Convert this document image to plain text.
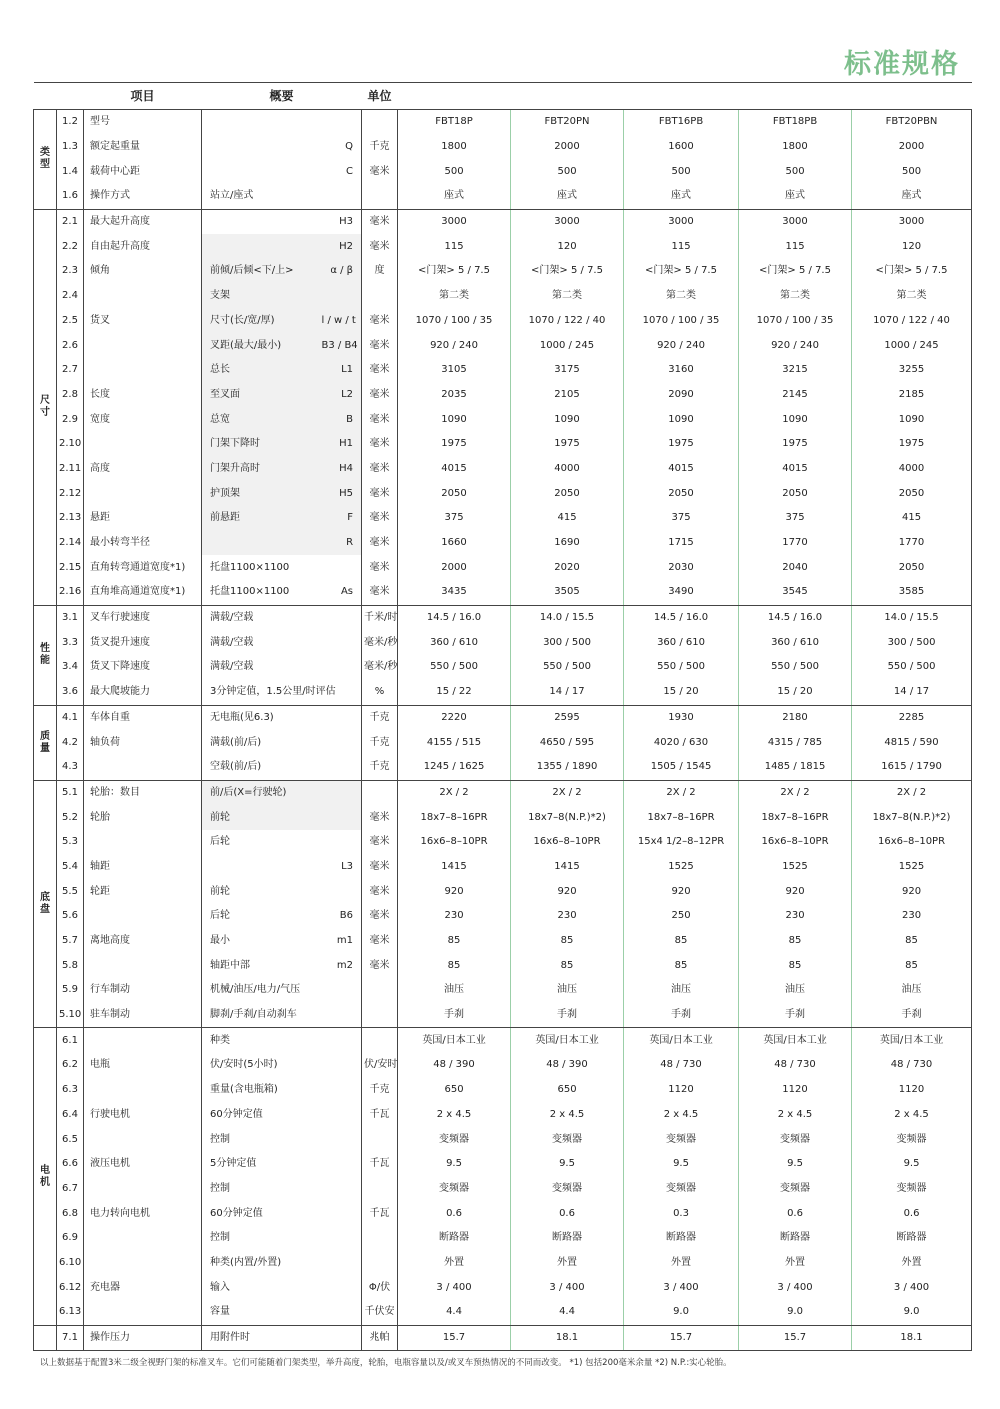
标准规格
		项目	概要		单位					
类型	1.2	型号				FBT18P	FBT20PN	FBT16PB	FBT18PB	FBT20PBN
	1.3	额定起重量		Q	千克	1800	2000	1600	1800	2000
	1.4	载荷中心距		C	毫米	500	500	500	500	500
	1.6	操作方式	站立/座式			座式	座式	座式	座式	座式
尺寸	2.1	最大起升高度		H3	毫米	3000	3000	3000	3000	3000
	2.2	自由起升高度		H2	毫米	115	120	115	115	120
	2.3	倾角	前倾/后倾<下/上>	α / β	度	<门架> 5 / 7.5	<门架> 5 / 7.5	<门架> 5 / 7.5	<门架> 5 / 7.5	<门架> 5 / 7.5
	2.4		支架			第二类	第二类	第二类	第二类	第二类
	2.5	货叉	尺寸(长/宽/厚)	l / w / t	毫米	1070 / 100 / 35	1070 / 122 / 40	1070 / 100 / 35	1070 / 100 / 35	1070 / 122 / 40
	2.6		叉距(最大/最小)	B3 / B4	毫米	920 / 240	1000 / 245	920 / 240	920 / 240	1000 / 245
	2.7		总长	L1	毫米	3105	3175	3160	3215	3255
	2.8	长度	至叉面	L2	毫米	2035	2105	2090	2145	2185
	2.9	宽度	总宽	B	毫米	1090	1090	1090	1090	1090
	2.10		门架下降时	H1	毫米	1975	1975	1975	1975	1975
	2.11	高度	门架升高时	H4	毫米	4015	4000	4015	4015	4000
	2.12		护顶架	H5	毫米	2050	2050	2050	2050	2050
	2.13	悬距	前悬距	F	毫米	375	415	375	375	415
	2.14	最小转弯半径		R	毫米	1660	1690	1715	1770	1770
	2.15	直角转弯通道宽度*1)	托盘1100×1100		毫米	2000	2020	2030	2040	2050
	2.16	直角堆高通道宽度*1)	托盘1100×1100	As	毫米	3435	3505	3490	3545	3585
性能	3.1	叉车行驶速度	满载/空载		千米/时	14.5 / 16.0	14.0 / 15.5	14.5 / 16.0	14.5 / 16.0	14.0 / 15.5
	3.3	货叉提升速度	满载/空载		毫米/秒	360 / 610	300 / 500	360 / 610	360 / 610	300 / 500
	3.4	货叉下降速度	满载/空载		毫米/秒	550 / 500	550 / 500	550 / 500	550 / 500	550 / 500
	3.6	最大爬坡能力	3分钟定值，1.5公里/时评估		%	15 / 22	14 / 17	15 / 20	15 / 20	14 / 17
质量	4.1	车体自重	无电瓶(见6.3)		千克	2220	2595	1930	2180	2285
	4.2	轴负荷	满载(前/后)		千克	4155 / 515	4650 / 595	4020 / 630	4315 / 785	4815 / 590
	4.3		空载(前/后)		千克	1245 / 1625	1355 / 1890	1505 / 1545	1485 / 1815	1615 / 1790
底盘	5.1	轮胎：数目	前/后(X=行驶轮)			2X / 2	2X / 2	2X / 2	2X / 2	2X / 2
	5.2	轮胎	前轮		毫米	18x7–8–16PR	18x7–8(N.P.)*2)	18x7–8–16PR	18x7–8–16PR	18x7–8(N.P.)*2)
	5.3		后轮		毫米	16x6–8–10PR	16x6–8–10PR	15x4 1/2–8–12PR	16x6–8–10PR	16x6–8–10PR
	5.4	轴距		L3	毫米	1415	1415	1525	1525	1525
	5.5	轮距	前轮		毫米	920	920	920	920	920
	5.6		后轮	B6	毫米	230	230	250	230	230
	5.7	离地高度	最小	m1	毫米	85	85	85	85	85
	5.8		轴距中部	m2	毫米	85	85	85	85	85
	5.9	行车制动	机械/油压/电力/气压			油压	油压	油压	油压	油压
	5.10	驻车制动	脚刹/手刹/自动刹车			手刹	手刹	手刹	手刹	手刹
电机	6.1		种类			英国/日本工业	英国/日本工业	英国/日本工业	英国/日本工业	英国/日本工业
	6.2	电瓶	伏/安时(5小时)		伏/安时	48 / 390	48 / 390	48 / 730	48 / 730	48 / 730
	6.3		重量(含电瓶箱)		千克	650	650	1120	1120	1120
	6.4	行驶电机	60分钟定值		千瓦	2 x 4.5	2 x 4.5	2 x 4.5	2 x 4.5	2 x 4.5
	6.5		控制			变频器	变频器	变频器	变频器	变频器
	6.6	液压电机	5分钟定值		千瓦	9.5	9.5	9.5	9.5	9.5
	6.7		控制			变频器	变频器	变频器	变频器	变频器
	6.8	电力转向电机	60分钟定值		千瓦	0.6	0.6	0.3	0.6	0.6
	6.9		控制			断路器	断路器	断路器	断路器	断路器
	6.10		种类(内置/外置)			外置	外置	外置	外置	外置
	6.12	充电器	输入		Φ/伏	3 / 400	3 / 400	3 / 400	3 / 400	3 / 400
	6.13		容量		千伏安	4.4	4.4	9.0	9.0	9.0
	7.1	操作压力	用附件时		兆帕	15.7	18.1	15.7	15.7	18.1
以上数据基于配置3米二级全视野门架的标准叉车。它们可能随着门架类型，举升高度，轮胎，电瓶容量以及/或叉车预热情况的不同而改变。 *1) 包括200毫米余量 *2) N.P.:实心轮胎。
